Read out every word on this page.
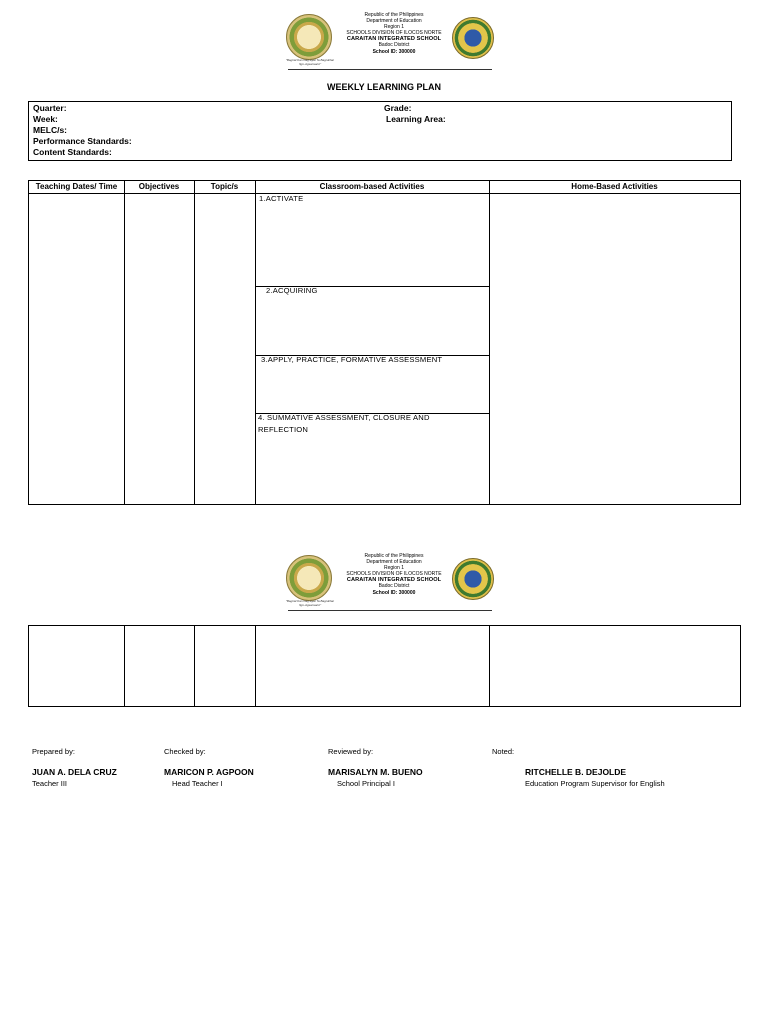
"Bagnát Kan Nag-ayat Ta Bagnáñan ñgo-Agsansanó"
Republic of the Philippines
Department of Education
Region 1
SCHOOLS DIVISION OF ILOCOS NORTE
CARAITAN INTEGRATED SCHOOL
Badoc District
School ID: 300000
WEEKLY LEARNING PLAN
Quarter:
Week:
MELC/s:
Performance Standards:
Content Standards:
Grade:
Learning Area:
Teaching Dates/ Time	Objectives	Topic/s	Classroom-based Activities	Home-Based Activities
1.ACTIVATE
2.ACQUIRING
3.APPLY, PRACTICE, FORMATIVE ASSESSMENT
4. SUMMATIVE ASSESSMENT, CLOSURE AND
REFLECTION
"Bagnát Kan Nag-ayat Ta Bagnáñan ñgo-Agsansanó"
Republic of the Philippines
Department of Education
Region 1
SCHOOLS DIVISION OF ILOCOS NORTE
CARAITAN INTEGRATED SCHOOL
Badoc District
School ID: 300000
Prepared by:
JUAN A. DELA CRUZ
Teacher III
Checked by:
MARICON P. AGPOON
Head Teacher I
Reviewed by:
MARISALYN M. BUENO
School Principal I
Noted:
RITCHELLE B. DEJOLDE
Education Program Supervisor for English
